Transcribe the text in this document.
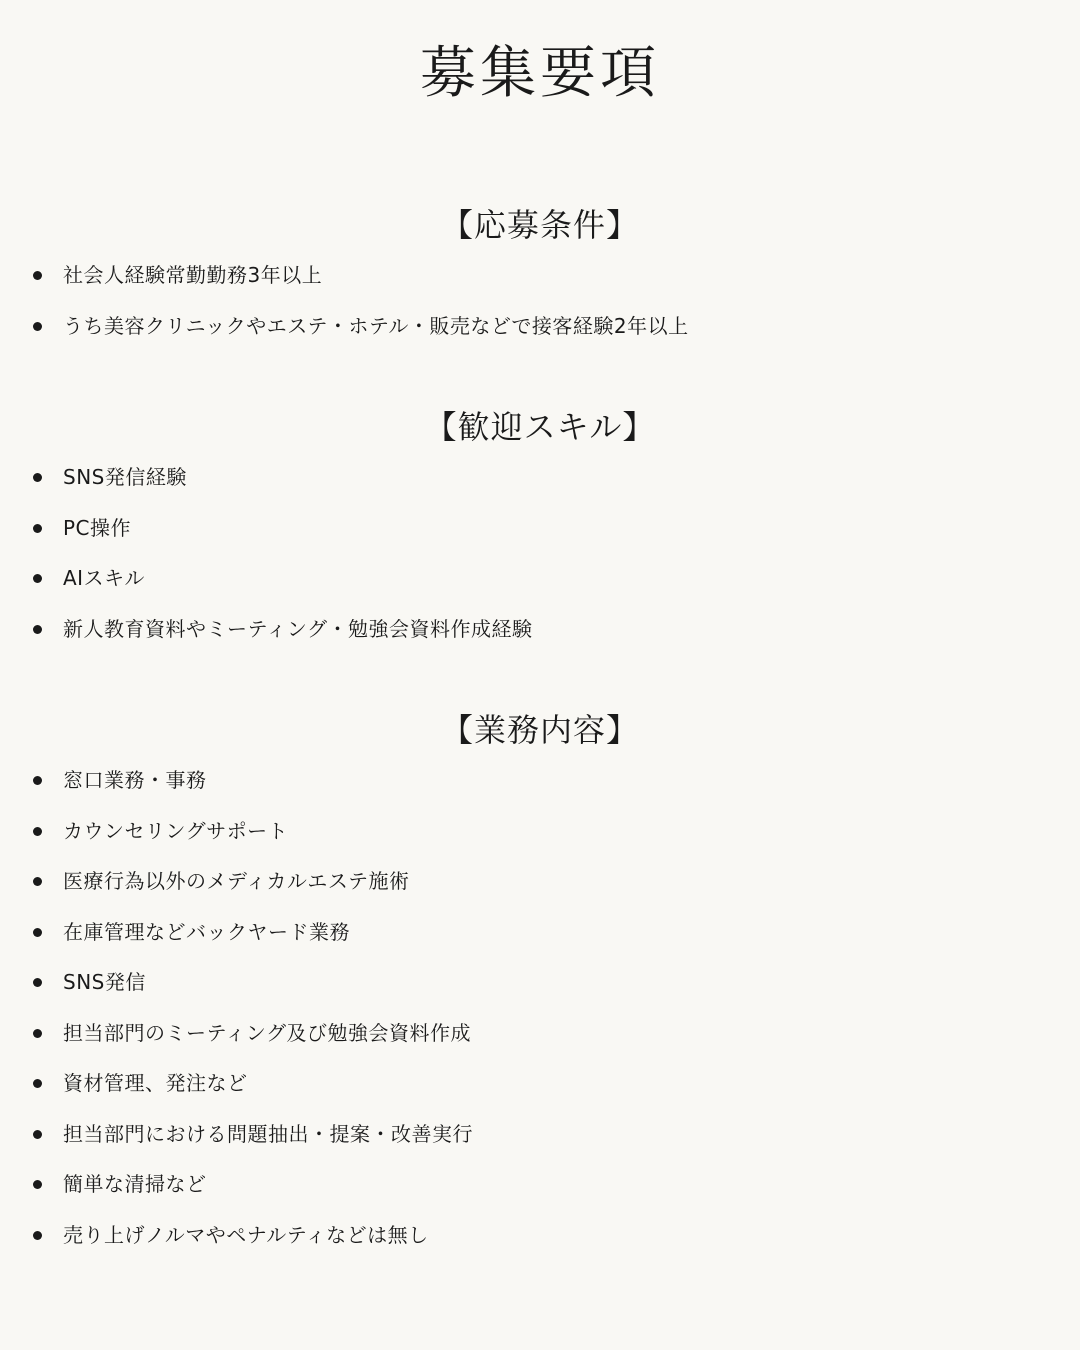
募集要項
【応募条件】
社会人経験常勤勤務3年以上
うち美容クリニックやエステ・ホテル・販売などで接客経験2年以上
【歓迎スキル】
SNS発信経験
PC操作
AIスキル
新人教育資料やミーティング・勉強会資料作成経験
【業務内容】
窓口業務・事務
カウンセリングサポート
医療行為以外のメディカルエステ施術
在庫管理などバックヤード業務
SNS発信
担当部門のミーティング及び勉強会資料作成
資材管理、発注など
担当部門における問題抽出・提案・改善実行
簡単な清掃など
売り上げノルマやペナルティなどは無し
